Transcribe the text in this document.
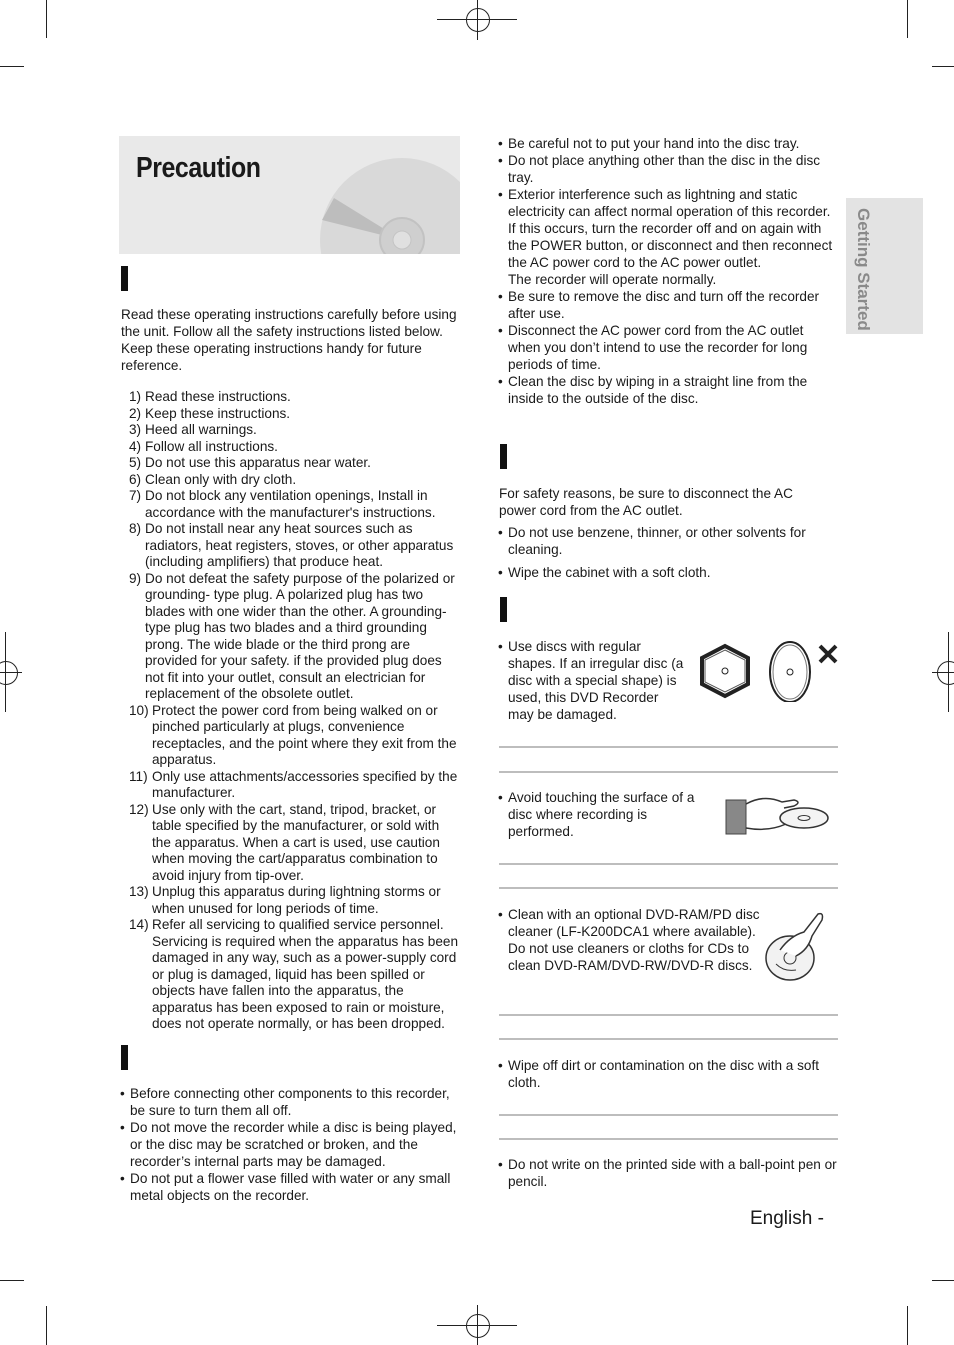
Precaution
Getting Started

Read these operating instructions carefully before using the unit. Follow all the safety instructions listed below. Keep these operating instructions handy for future reference.

1) Read these instructions.
2) Keep these instructions.
3) Heed all warnings.
4) Follow all instructions.
5) Do not use this apparatus near water.
6) Clean only with dry cloth.
7) Do not block any ventilation openings, Install in accordance with the manufacturer's instructions.
8) Do not install near any heat sources such as radiators, heat registers, stoves, or other apparatus (including amplifiers) that produce heat.
9) Do not defeat the safety purpose of the polarized or grounding- type plug. A polarized plug has two blades with one wider than the other. A grounding-type plug has two blades and a third grounding prong. The wide blade or the third prong are provided for your safety. if the provided plug does not fit into your outlet, consult an electrician for replacement of the obsolete outlet.
10) Protect the power cord from being walked on or pinched particularly at plugs, convenience receptacles, and the point where they exit from the apparatus.
11) Only use attachments/accessories specified by the manufacturer.
12) Use only with the cart, stand, tripod, bracket, or table specified by the manufacturer, or sold with the apparatus. When a cart is used, use caution when moving the cart/apparatus combination to avoid injury from tip-over.
13) Unplug this apparatus during lightning storms or when unused for long periods of time.
14) Refer all servicing to qualified service personnel. Servicing is required when the apparatus has been damaged in any way, such as a power-supply cord or plug is damaged, liquid has been spilled or objects have fallen into the apparatus, the apparatus has been exposed to rain or moisture, does not operate normally, or has been dropped.
• Before connecting other components to this recorder, be sure to turn them all off.
• Do not move the recorder while a disc is being played, or the disc may be scratched or broken, and the recorder’s internal parts may be damaged.
• Do not put a flower vase filled with water or any small metal objects on the recorder.
• Be careful not to put your hand into the disc tray.
• Do not place anything other than the disc in the disc tray.
• Exterior interference such as lightning and static electricity can affect normal operation of this recorder. If this occurs, turn the recorder off and on again with the POWER button, or disconnect and then reconnect the AC power cord to the AC power outlet.
The recorder will operate normally.
• Be sure to remove the disc and turn off the recorder after use.
• Disconnect the AC power cord from the AC outlet when you don’t intend to use the recorder for long periods of time.
• Clean the disc by wiping in a straight line from the inside to the outside of the disc.

For safety reasons, be sure to disconnect the AC power cord from the AC outlet.

• Do not use benzene, thinner, or other solvents for cleaning.
• Wipe the cabinet with a soft cloth.
• Use discs with regular shapes. If an irregular disc (a disc with a special shape) is used, this DVD Recorder may be damaged.
• Avoid touching the surface of a disc where recording is performed.
• Clean with an optional DVD-RAM/PD disc cleaner (LF-K200DCA1 where available). Do not use cleaners or cloths for CDs to clean DVD-RAM/DVD-RW/DVD-R discs.
• Wipe off dirt or contamination on the disc with a soft cloth.
• Do not write on the printed side with a ball-point pen or pencil.
English -
